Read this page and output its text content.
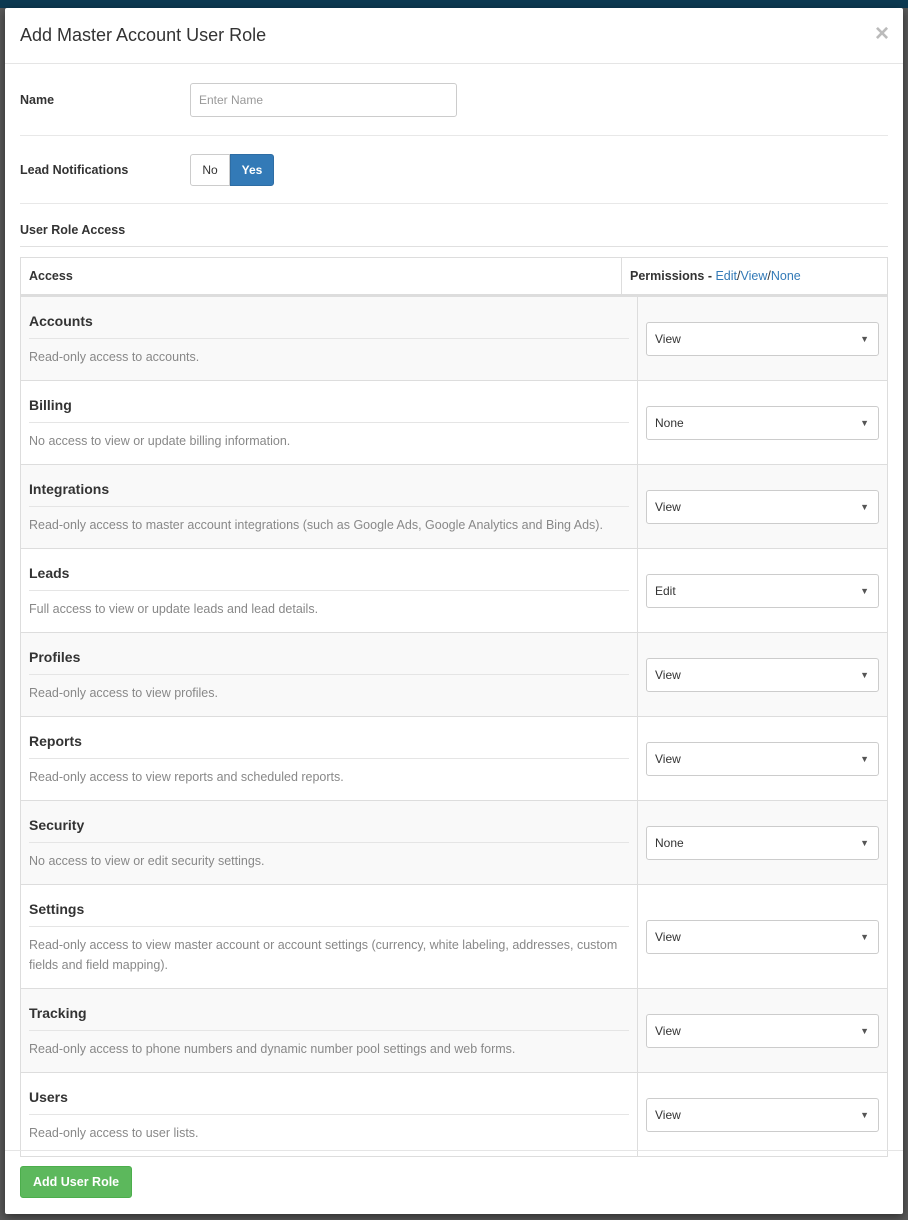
Add Master Account User Role	×
Name
Enter Name
Lead Notifications	No	Yes
User Role Access
Access	Permissions - Edit/View/None
Accounts
Read-only access to accounts.
View	▼
Billing
No access to view or update billing information.
None	▼
Integrations
Read-only access to master account integrations (such as Google Ads, Google Analytics and Bing Ads).
View	▼
Leads
Full access to view or update leads and lead details.
Edit	▼
Profiles
Read-only access to view profiles.
View	▼
Reports
Read-only access to view reports and scheduled reports.
View	▼
Security
No access to view or edit security settings.
None	▼
Settings
Read-only access to view master account or account settings (currency, white labeling, addresses, custom fields and field mapping).
View	▼
Tracking
Read-only access to phone numbers and dynamic number pool settings and web forms.
View	▼
Users
Read-only access to user lists.
View	▼
Add User Role
